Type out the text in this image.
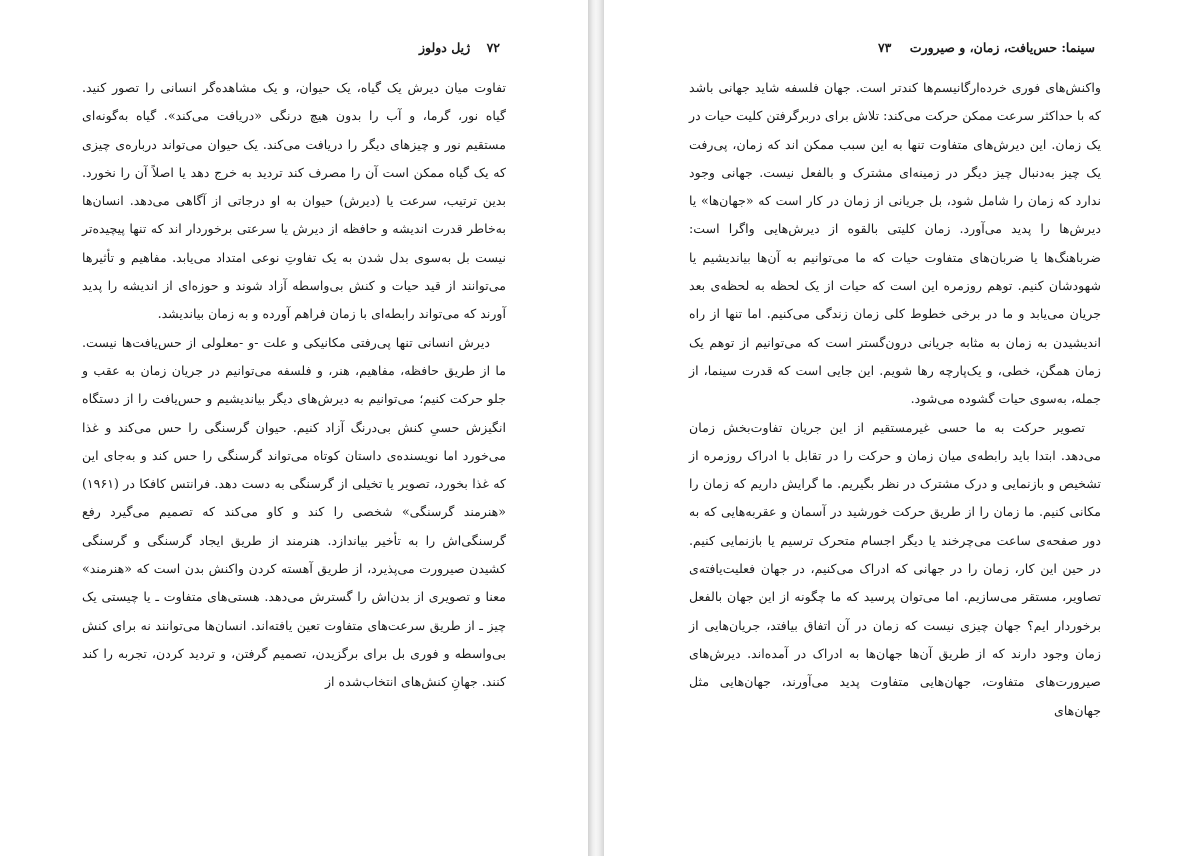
۷۲ ژیل دولوز

تفاوت میان دیرش یک گیاه، یک حیوان، و یک مشاهده‌گر انسانی را تصور کنید. گیاه نور، گرما، و آب را بدون هیچ درنگی «دریافت می‌کند». گیاه به‌گونه‌ای مستقیم نور و چیزهای دیگر را دریافت می‌کند. یک حیوان می‌تواند درباره‌ی چیزی که یک گیاه ممکن است آن را مصرف کند تردید به خرج دهد یا اصلاً آن را نخورد. بدین ترتیب، سرعت یا (دیرش) حیوان به او درجاتی از آگاهی می‌دهد. انسان‌ها به‌خاطر قدرت اندیشه و حافظه از دیرش یا سرعتی برخوردار اند که تنها پیچیده‌تر نیست بل به‌سوی بدل شدن به یک تفاوتِ نوعی امتداد می‌یابد. مفاهیم و تأثیرها می‌توانند از قید حیات و کنش بی‌واسطه آزاد شوند و حوزه‌ای از اندیشه را پدید آورند که می‌تواند رابطه‌ای با زمان فراهم آورده و به زمان بیاندیشد.

دیرش انسانی تنها پی‌رفتی مکانیکی و علت -و -معلولی از حس‌یافت‌ها نیست. ما از طریق حافظه، مفاهیم، هنر، و فلسفه می‌توانیم در جریان زمان به عقب و جلو حرکت کنیم؛ می‌توانیم به دیرش‌های دیگر بیاندیشیم و حس‌یافت را از دستگاه انگیزش حسیِ کنش بی‌درنگ آزاد کنیم. حیوان گرسنگی را حس می‌کند و غذا می‌خورد اما نویسنده‌ی داستان کوتاه می‌تواند گرسنگی را حس کند و به‌جای این که غذا بخورد، تصویر یا تخیلی از گرسنگی به دست دهد. فرانتس کافکا در (۱۹۶۱) «هنرمند گرسنگی» شخصی را کند و کاو می‌کند که تصمیم می‌گیرد رفع گرسنگی‌اش را به تأخیر بیاندازد. هنرمند از طریق ایجاد گرسنگی و گرسنگی کشیدن صیرورت می‌پذیرد، از طریق آهسته کردن واکنش بدن است که «هنرمند» معنا و تصویری از بدن‌اش را گسترش می‌دهد. هستی‌های متفاوت ـ یا چیستی یک چیز ـ از طریق سرعت‌های متفاوت تعین یافته‌اند. انسان‌ها می‌توانند نه برای کنش بی‌واسطه و فوری بل برای برگزیدن، تصمیم گرفتن، و تردید کردن، تجربه را کند کنند. جهانِ کنش‌های انتخاب‌شده از

سینما: حس‌یافت، زمان، و صیرورت ۷۳

واکنش‌های فوری خرده‌ارگانیسم‌ها کندتر است. جهان فلسفه شاید جهانی باشد که با حداکثر سرعت ممکن حرکت می‌کند: تلاش برای دربرگرفتن کلیت حیات در یک زمان. این دیرش‌های متفاوت تنها به این سبب ممکن اند که زمان، پی‌رفت یک چیز به‌دنبال چیز دیگر در زمینه‌ای مشترک و بالفعل نیست. جهانی وجود ندارد که زمان را شامل شود، بل جریانی از زمان در کار است که «جهان‌ها» یا دیرش‌ها را پدید می‌آورد. زمان کلیتی بالقوه از دیرش‌هایی واگرا است: ضرباهنگ‌ها یا ضربان‌های متفاوت حیات که ما می‌توانیم به آن‌ها بیاندیشیم یا شهودشان کنیم. توهم روزمره این است که حیات از یک لحظه به لحظه‌ی بعد جریان می‌یابد و ما در برخی خطوط کلی زمان زندگی می‌کنیم. اما تنها از راه اندیشیدن به زمان به مثابه جریانی درون‌گستر است که می‌توانیم از توهم یک زمان همگن، خطی، و یک‌پارچه رها شویم. این جایی است که قدرت سینما، از جمله، به‌سوی حیات گشوده می‌شود.

تصویر حرکت به ما حسی غیرمستقیم از این جریان تفاوت‌بخش زمان می‌دهد. ابتدا باید رابطه‌ی میان زمان و حرکت را در تقابل با ادراک روزمره از تشخیص و بازنمایی و درک مشترک در نظر بگیریم. ما گرایش داریم که زمان را مکانی کنیم. ما زمان را از طریق حرکت خورشید در آسمان و عقربه‌هایی که به دور صفحه‌ی ساعت می‌چرخند یا دیگر اجسام متحرک ترسیم یا بازنمایی کنیم. در حین این کار، زمان را در جهانی که ادراک می‌کنیم، در جهان فعلیت‌یافته‌ی تصاویر، مستقر می‌سازیم. اما می‌توان پرسید که ما چگونه از این جهان بالفعل برخوردار ایم؟ جهان چیزی نیست که زمان در آن اتفاق بیافتد، جریان‌هایی از زمان وجود دارند که از طریق آن‌ها جهان‌ها به ادراک در آمده‌اند. دیرش‌های صیرورت‌های متفاوت، جهان‌هایی متفاوت پدید می‌آورند، جهان‌هایی مثل جهان‌های
